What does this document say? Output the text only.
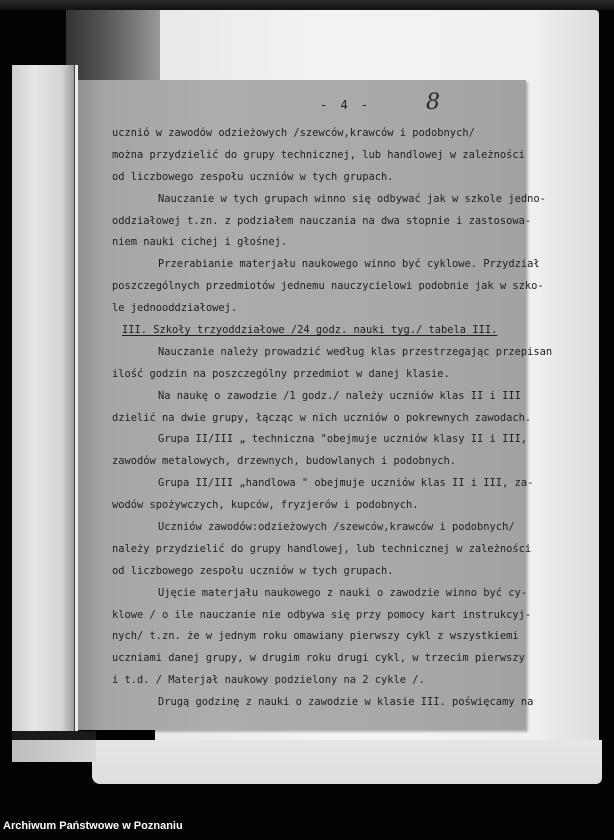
- 4 - 8
ucznió w zawodów odzieżowych /szewców,krawców i podobnych/
można przydzielić do grupy technicznej, lub handlowej w zależności
od liczbowego zespołu uczniów w tych grupach.
Nauczanie w tych grupach winno się odbywać jak w szkole jedno-
oddziałowej t.zn. z podziałem nauczania na dwa stopnie i zastosowa-
niem nauki cichej i głośnej.
Przerabianie materjału naukowego winno być cyklowe. Przydział
poszczególnych przedmiotów jednemu nauczycielowi podobnie jak w szko-
le jednooddziałowej.
III. Szkoły trzyoddziałowe /24 godz. nauki tyg./ tabela III.
Nauczanie należy prowadzić według klas przestrzegając przepisan
ilość godzin na poszczególny przedmiot w danej klasie.
Na naukę o zawodzie /1 godz./ należy uczniów klas II i III
dzielić na dwie grupy, łącząc w nich uczniów o pokrewnych zawodach.
Grupa II/III „ techniczna "obejmuje uczniów klasy II i III,
zawodów metalowych, drzewnych, budowlanych i podobnych.
Grupa II/III „handlowa " obejmuje uczniów klas II i III, za-
wodów spożywczych, kupców, fryzjerów i podobnych.
Uczniów zawodów:odzieżowych /szewców,krawców i podobnych/
należy przydzielić do grupy handlowej, lub technicznej w zależności
od liczbowego zespołu uczniów w tych grupach.
Ujęcie materjału naukowego z nauki o zawodzie winno być cy-
klowe / o ile nauczanie nie odbywa się przy pomocy kart instrukcyj-
nych/ t.zn. że w jednym roku omawiany pierwszy cykl z wszystkiemi
uczniami danej grupy, w drugim roku drugi cykl, w trzecim pierwszy
i t.d. / Materjał naukowy podzielony na 2 cykle /.
Drugą godzinę z nauki o zawodzie w klasie III. poświęcamy na
Archiwum Państwowe w Poznaniu
